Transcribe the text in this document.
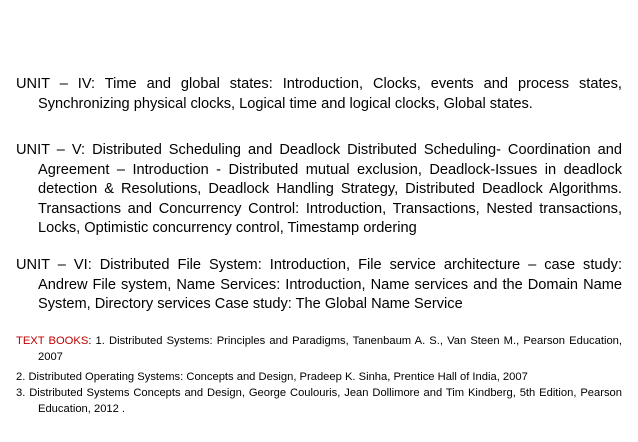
UNIT – IV: Time and global states: Introduction, Clocks, events and process states, Synchronizing physical clocks, Logical time and logical clocks, Global states.
UNIT – V: Distributed Scheduling and Deadlock Distributed Scheduling- Coordination and Agreement – Introduction - Distributed mutual exclusion, Deadlock-Issues in deadlock detection & Resolutions, Deadlock Handling Strategy, Distributed Deadlock Algorithms. Transactions and Concurrency Control: Introduction, Transactions, Nested transactions, Locks, Optimistic concurrency control, Timestamp ordering
UNIT – VI: Distributed File System: Introduction, File service architecture – case study: Andrew File system, Name Services: Introduction, Name services and the Domain Name System, Directory services Case study: The Global Name Service
TEXT BOOKS: 1. Distributed Systems: Principles and Paradigms, Tanenbaum A. S., Van Steen M., Pearson Education, 2007
2. Distributed Operating Systems: Concepts and Design, Pradeep K. Sinha, Prentice Hall of India, 2007
3. Distributed Systems Concepts and Design, George Coulouris, Jean Dollimore and Tim Kindberg, 5th Edition, Pearson Education, 2012 .
